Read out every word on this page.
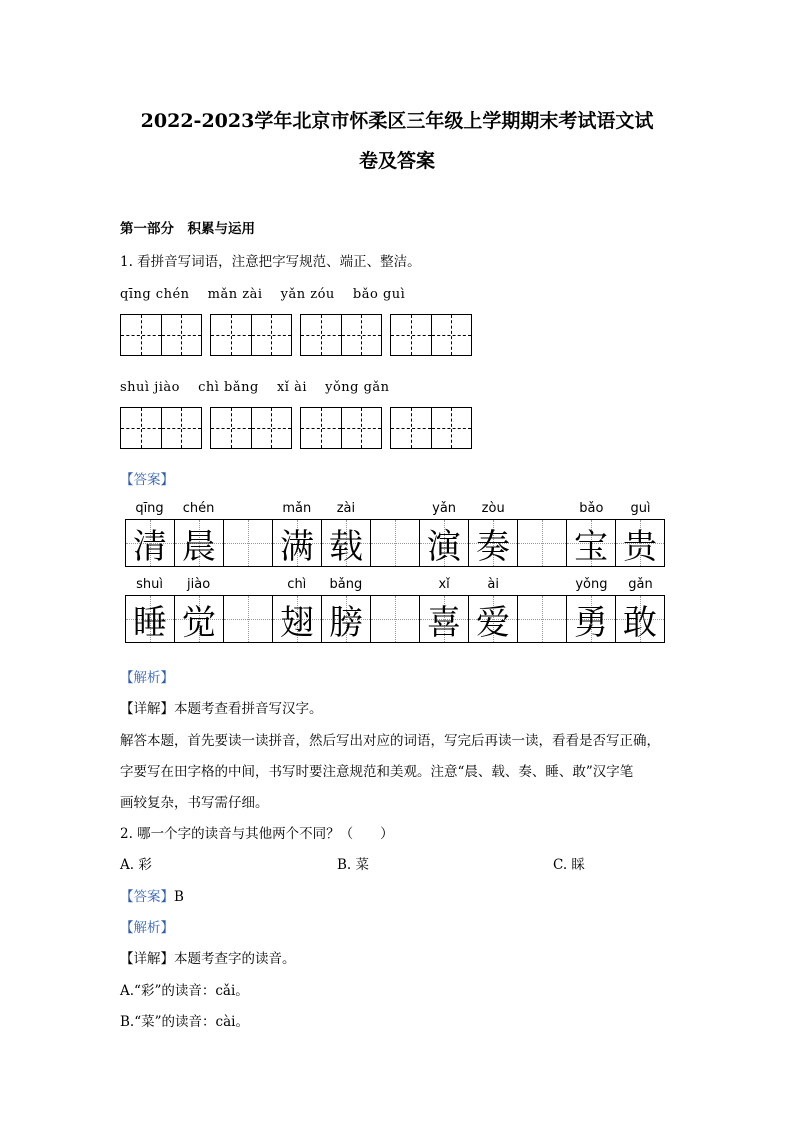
2022-2023学年北京市怀柔区三年级上学期期末考试语文试
卷及答案
第一部分　积累与运用
1. 看拼音写词语，注意把字写规范、端正、整洁。
qīng chén　 mǎn zài　 yǎn zóu　 bǎo guì
shuì jiào　 chì bǎng　 xǐ ài　 yǒng gǎn
【答案】
qīng	chén	mǎn	zài	yǎn	zòu	bǎo	guì
清 晨 满 载 演 奏 宝 贵
shuì	jiào	chì	bǎng	xǐ	ài	yǒng	gǎn
睡 觉 翅 膀 喜 爱 勇 敢
【解析】
【详解】本题考查看拼音写汉字。
解答本题，首先要读一读拼音，然后写出对应的词语，写完后再读一读，看看是否写正确，
字要写在田字格的中间，书写时要注意规范和美观。注意“晨、载、奏、睡、敢”汉字笔
画较复杂，书写需仔细。
2. 哪一个字的读音与其他两个不同？（　　）
A. 彩	B. 菜	C. 睬
【答案】B
【解析】
【详解】本题考查字的读音。
A.“彩”的读音：cǎi。
B.“菜”的读音：cài。
